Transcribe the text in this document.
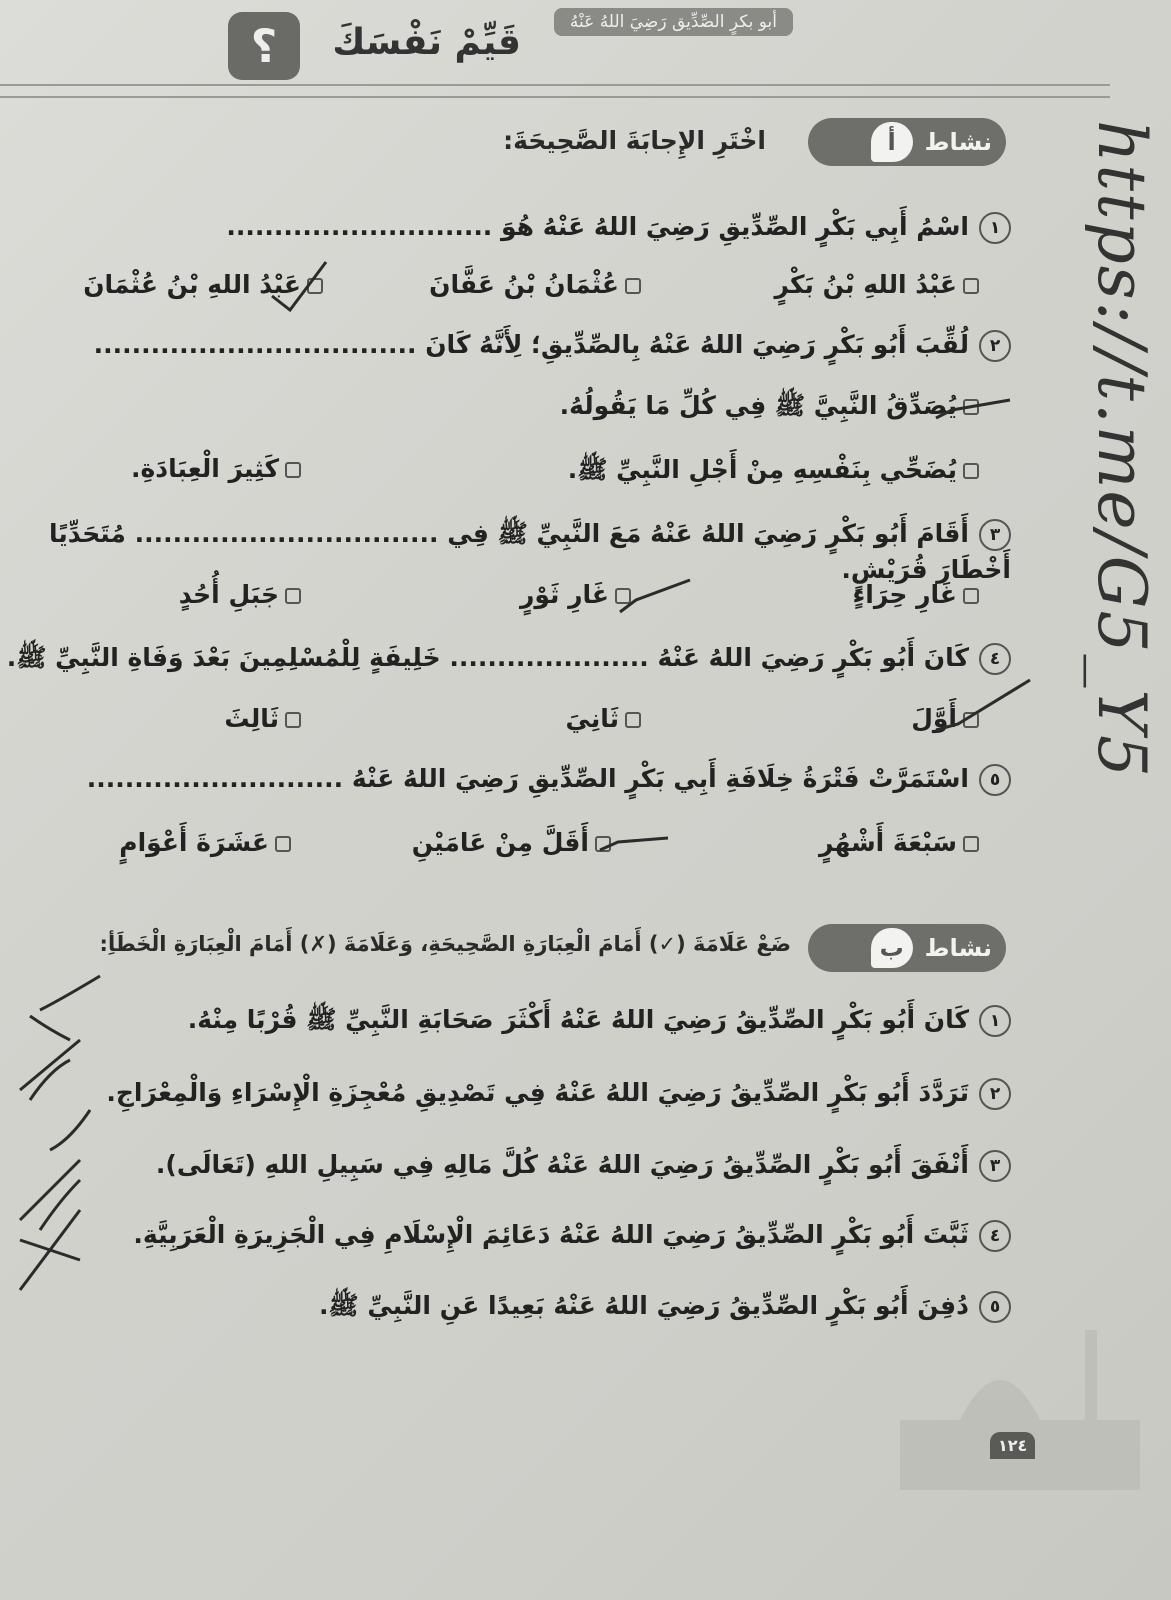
أبو بكرٍ الصِّدِّيق رَضِيَ اللهُ عَنْهُ
قَيِّمْ نَفْسَكَ
؟
https://t.me/G5_Y5
نشاط
أ
اخْتَرِ الإِجابَةَ الصَّحِيحَةَ:
١اسْمُ أَبِي بَكْرٍ الصِّدِّيقِ رَضِيَ اللهُ عَنْهُ هُوَ ............................
عَبْدُ اللهِ بْنُ بَكْرٍ
عُثْمَانُ بْنُ عَفَّانَ
عَبْدُ اللهِ بْنُ عُثْمَانَ
٢لُقِّبَ أَبُو بَكْرٍ رَضِيَ اللهُ عَنْهُ بِالصِّدِّيقِ؛ لِأَنَّهُ كَانَ ..................................
يُصَدِّقُ النَّبِيَّ ﷺ فِي كُلِّ مَا يَقُولُهُ.
يُضَحِّي بِنَفْسِهِ مِنْ أَجْلِ النَّبِيِّ ﷺ.
كَثِيرَ الْعِبَادَةِ.
٣أَقَامَ أَبُو بَكْرٍ رَضِيَ اللهُ عَنْهُ مَعَ النَّبِيِّ ﷺ فِي ................................ مُتَحَدِّيًا أَخْطَارَ قُرَيْشٍ.
غَارِ حِرَاءٍ
غَارِ ثَوْرٍ
جَبَلِ أُحُدٍ
٤كَانَ أَبُو بَكْرٍ رَضِيَ اللهُ عَنْهُ ..................... خَلِيفَةٍ لِلْمُسْلِمِينَ بَعْدَ وَفَاةِ النَّبِيِّ ﷺ.
أَوَّلَ
ثَانِيَ
ثَالِثَ
٥اسْتَمَرَّتْ فَتْرَةُ خِلَافَةِ أَبِي بَكْرٍ الصِّدِّيقِ رَضِيَ اللهُ عَنْهُ ...........................
سَبْعَةَ أَشْهُرٍ
أَقَلَّ مِنْ عَامَيْنِ
عَشَرَةَ أَعْوَامٍ
نشاط
ب
ضَعْ عَلَامَةَ (✓) أَمَامَ الْعِبَارَةِ الصَّحِيحَةِ، وَعَلَامَةَ (✗) أَمَامَ الْعِبَارَةِ الْخَطَأِ:
١كَانَ أَبُو بَكْرٍ الصِّدِّيقُ رَضِيَ اللهُ عَنْهُ أَكْثَرَ صَحَابَةِ النَّبِيِّ ﷺ قُرْبًا مِنْهُ.
٢تَرَدَّدَ أَبُو بَكْرٍ الصِّدِّيقُ رَضِيَ اللهُ عَنْهُ فِي تَصْدِيقِ مُعْجِزَةِ الْإِسْرَاءِ وَالْمِعْرَاجِ.
٣أَنْفَقَ أَبُو بَكْرٍ الصِّدِّيقُ رَضِيَ اللهُ عَنْهُ كُلَّ مَالِهِ فِي سَبِيلِ اللهِ (تَعَالَى).
٤ثَبَّتَ أَبُو بَكْرٍ الصِّدِّيقُ رَضِيَ اللهُ عَنْهُ دَعَائِمَ الْإِسْلَامِ فِي الْجَزِيرَةِ الْعَرَبِيَّةِ.
٥دُفِنَ أَبُو بَكْرٍ الصِّدِّيقُ رَضِيَ اللهُ عَنْهُ بَعِيدًا عَنِ النَّبِيِّ ﷺ.
١٢٤
